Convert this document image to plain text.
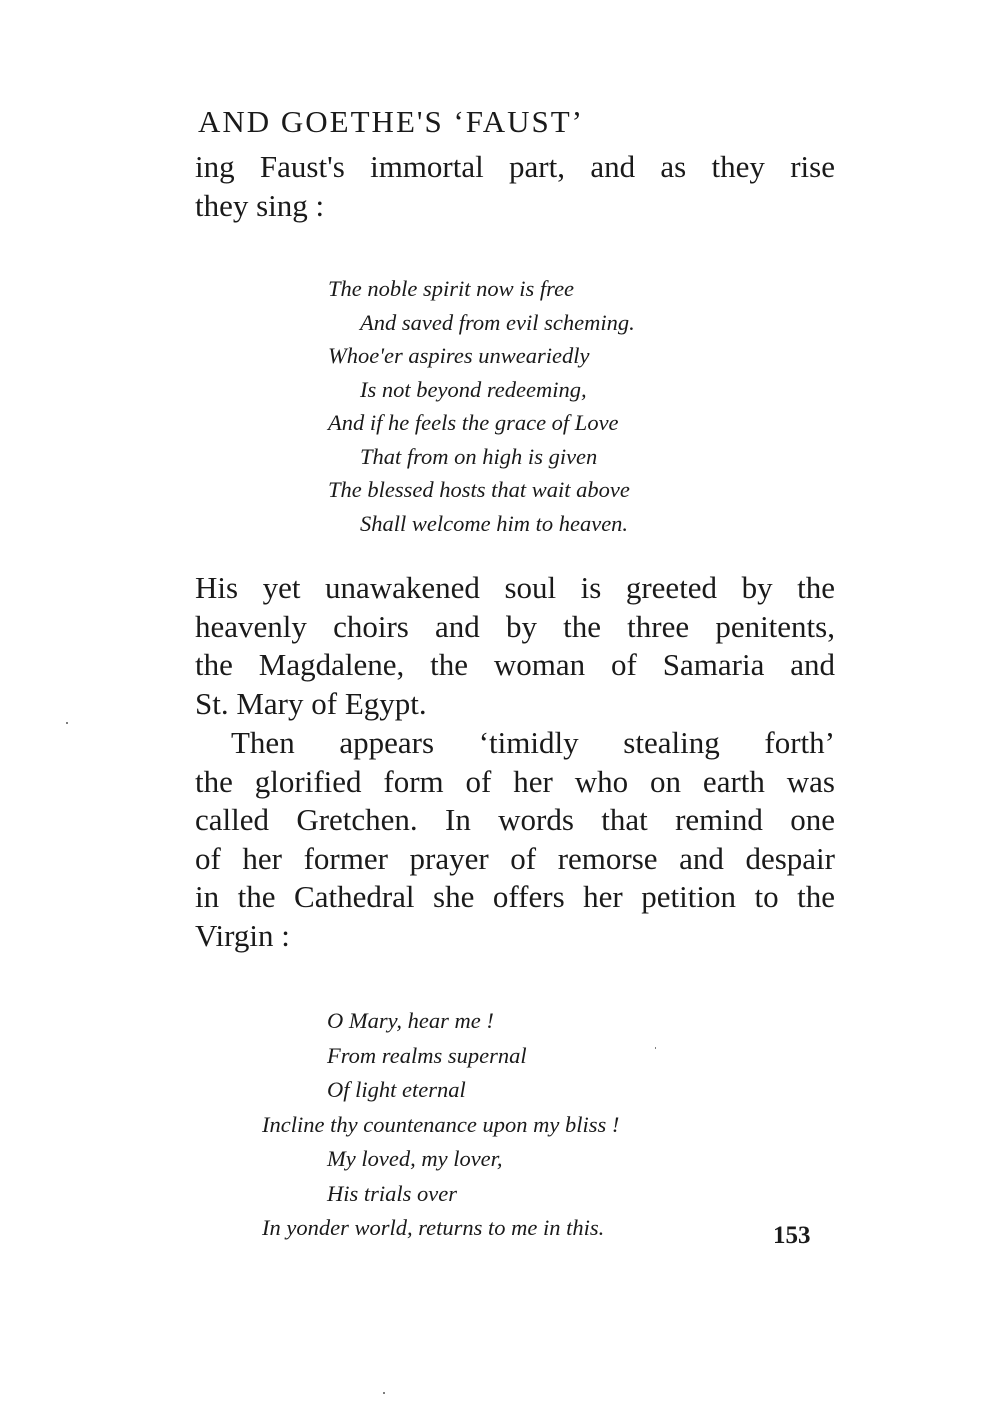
AND GOETHE'S ‘FAUST’
ing Faust's immortal part, and as they rise
they sing :
The noble spirit now is free
And saved from evil scheming.
Whoe'er aspires unweariedly
Is not beyond redeeming,
And if he feels the grace of Love
That from on high is given
The blessed hosts that wait above
Shall welcome him to heaven.
His yet unawakened soul is greeted by the
heavenly choirs and by the three penitents,
the Magdalene, the woman of Samaria and
St. Mary of Egypt.
Then appears ‘timidly stealing forth’
the glorified form of her who on earth was
called Gretchen. In words that remind one
of her former prayer of remorse and despair
in the Cathedral she offers her petition to the
Virgin :
O Mary, hear me !
From realms supernal
Of light eternal
Incline thy countenance upon my bliss !
My loved, my lover,
His trials over
In yonder world, returns to me in this.	153
